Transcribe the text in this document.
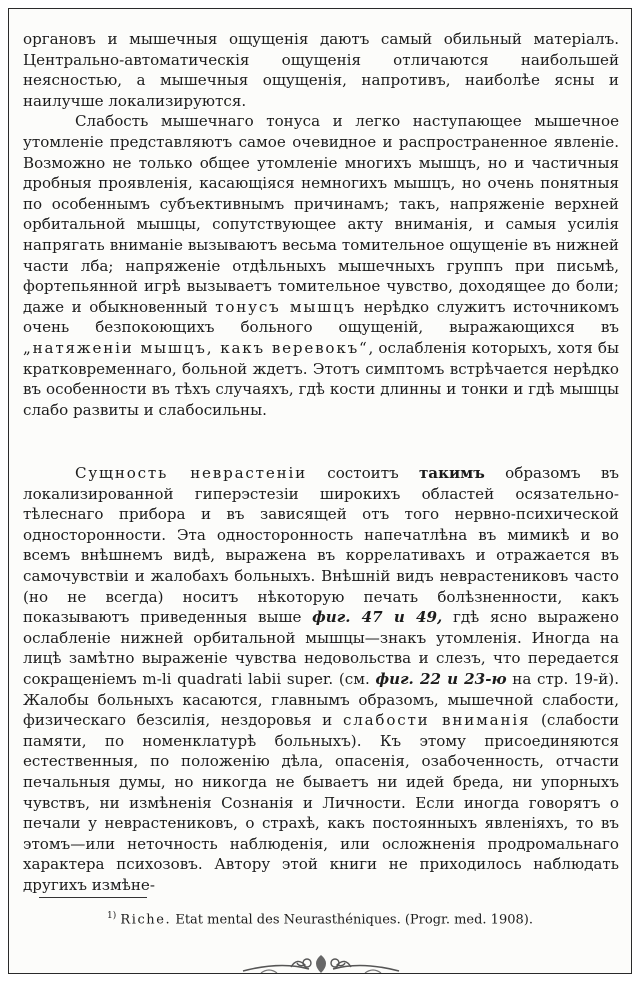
органовъ и мышечныя ощущенія даютъ самый обильный матеріалъ. Центрально-автоматическія ощущенія отличаются наибольшей неясностью, а мышечныя ощущенія, напротивъ, наиболѣе ясны и наилучше локализируются.

Слабость мышечнаго тонуса и легко наступающее мышечное утомленіе представляютъ самое очевидное и распространенное явленіе. Возможно не только общее утомленіе многихъ мышцъ, но и частичныя дробныя проявленія, касающіяся немногихъ мышцъ, но очень понятныя по особеннымъ субъективнымъ причинамъ; такъ, напряженіе верхней орбитальной мышцы, сопутствующее акту вниманія, и самыя усилія напрягать вниманіе вызываютъ весьма томительное ощущеніе въ нижней части лба; напряженіе отдѣльныхъ мышечныхъ группъ при письмѣ, фортепьянной игрѣ вызываетъ томительное чувство, доходящее до боли; даже и обыкновенный тонусъ мышцъ нерѣдко служитъ источникомъ очень безпокоющихъ больного ощущеній, выражающихся въ „натяженіи мышцъ, какъ веревокъ“, ослабленія которыхъ, хотя бы кратковременнаго, больной ждетъ. Этотъ симптомъ встрѣчается нерѣдко въ особенности въ тѣхъ случаяхъ, гдѣ кости длинны и тонки и гдѣ мышцы слабо развиты и слабосильны.

Сущность неврастеніи состоитъ такимъ образомъ въ локализированной гиперэстезіи широкихъ областей осязательно-тѣлеснаго прибора и въ зависящей отъ того нервно-психической односторонности. Эта односторонность напечатлѣна въ мимикѣ и во всемъ внѣшнемъ видѣ, выражена въ коррелативахъ и отражается въ самочувствіи и жалобахъ больныхъ. Внѣшній видъ неврастениковъ часто (но не всегда) носитъ нѣкоторую печать болѣзненности, какъ показываютъ приведенныя выше фиг. 47 и 49, гдѣ ясно выражено ослабленіе нижней орбитальной мышцы—знакъ утомленія. Иногда на лицѣ замѣтно выраженіе чувства недовольства и слезъ, что передается сокращеніемъ m-li quadrati labii super. (см. фиг. 22 и 23-ю на стр. 19-й). Жалобы больныхъ касаются, главнымъ образомъ, мышечной слабости, физическаго безсилія, нездоровья и слабости вниманія (слабости памяти, по номенклатурѣ больныхъ). Къ этому присоединяются естественныя, по положенію дѣла, опасенія, озабоченность, отчасти печальныя думы, но никогда не бываетъ ни идей бреда, ни упорныхъ чувствъ, ни измѣненія Сознанія и Личности. Если иногда говорятъ о печали у неврастениковъ, о страхѣ, какъ постоянныхъ явленіяхъ, то въ этомъ—или неточность наблюденія, или осложненія продромальнаго характера психозовъ. Автору этой книги не приходилось наблюдать другихъ измѣне-

$^{1)}$ Riche. Etat mental des Neurasthéniques. (Progr. med. 1908).
